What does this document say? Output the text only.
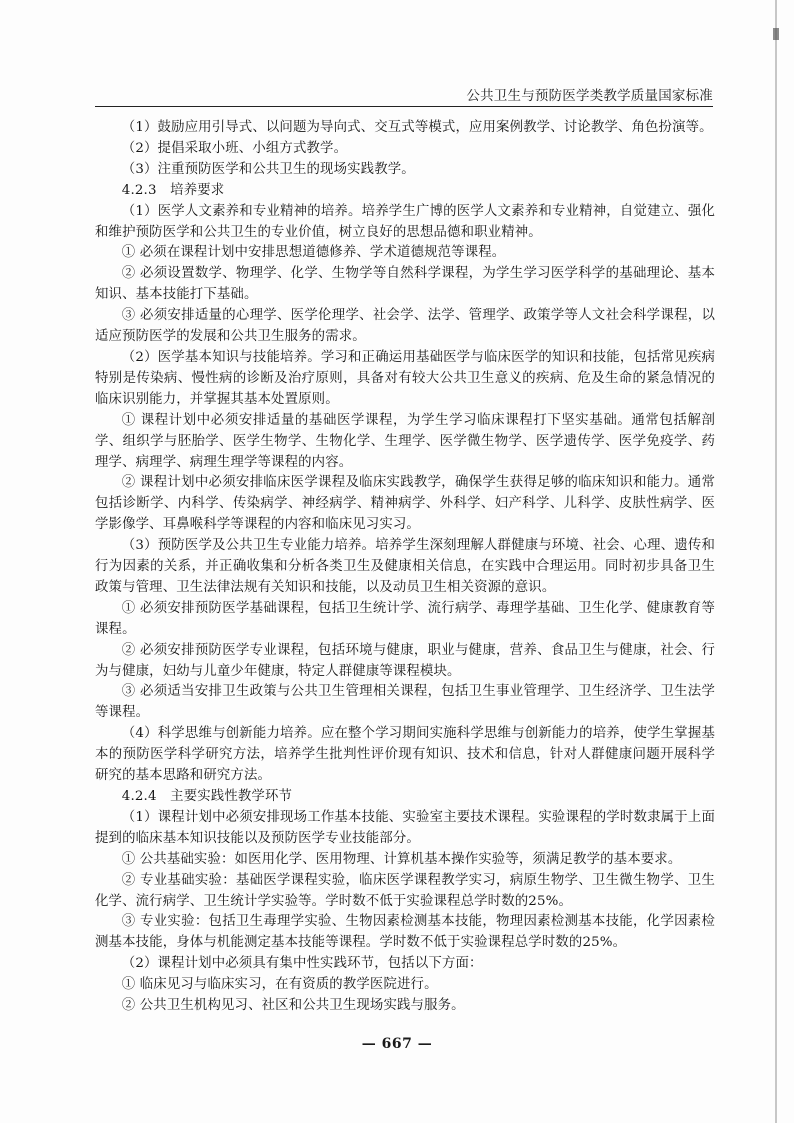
公共卫生与预防医学类教学质量国家标准

（1）鼓励应用引导式、以问题为导向式、交互式等模式，应用案例教学、讨论教学、角色扮演等。

（2）提倡采取小班、小组方式教学。

（3）注重预防医学和公共卫生的现场实践教学。

4.2.3　培养要求

（1）医学人文素养和专业精神的培养。培养学生广博的医学人文素养和专业精神，自觉建立、强化和维护预防医学和公共卫生的专业价值，树立良好的思想品德和职业精神。

① 必须在课程计划中安排思想道德修养、学术道德规范等课程。

② 必须设置数学、物理学、化学、生物学等自然科学课程，为学生学习医学科学的基础理论、基本知识、基本技能打下基础。

③ 必须安排适量的心理学、医学伦理学、社会学、法学、管理学、政策学等人文社会科学课程，以适应预防医学的发展和公共卫生服务的需求。

（2）医学基本知识与技能培养。学习和正确运用基础医学与临床医学的知识和技能，包括常见疾病特别是传染病、慢性病的诊断及治疗原则，具备对有较大公共卫生意义的疾病、危及生命的紧急情况的临床识别能力，并掌握其基本处置原则。

① 课程计划中必须安排适量的基础医学课程，为学生学习临床课程打下坚实基础。通常包括解剖学、组织学与胚胎学、医学生物学、生物化学、生理学、医学微生物学、医学遗传学、医学免疫学、药理学、病理学、病理生理学等课程的内容。

② 课程计划中必须安排临床医学课程及临床实践教学，确保学生获得足够的临床知识和能力。通常包括诊断学、内科学、传染病学、神经病学、精神病学、外科学、妇产科学、儿科学、皮肤性病学、医学影像学、耳鼻喉科学等课程的内容和临床见习实习。

（3）预防医学及公共卫生专业能力培养。培养学生深刻理解人群健康与环境、社会、心理、遗传和行为因素的关系，并正确收集和分析各类卫生及健康相关信息，在实践中合理运用。同时初步具备卫生政策与管理、卫生法律法规有关知识和技能，以及动员卫生相关资源的意识。

① 必须安排预防医学基础课程，包括卫生统计学、流行病学、毒理学基础、卫生化学、健康教育等课程。

② 必须安排预防医学专业课程，包括环境与健康，职业与健康，营养、食品卫生与健康，社会、行为与健康，妇幼与儿童少年健康，特定人群健康等课程模块。

③ 必须适当安排卫生政策与公共卫生管理相关课程，包括卫生事业管理学、卫生经济学、卫生法学等课程。

（4）科学思维与创新能力培养。应在整个学习期间实施科学思维与创新能力的培养，使学生掌握基本的预防医学科学研究方法，培养学生批判性评价现有知识、技术和信息，针对人群健康问题开展科学研究的基本思路和研究方法。

4.2.4　主要实践性教学环节

（1）课程计划中必须安排现场工作基本技能、实验室主要技术课程。实验课程的学时数隶属于上面提到的临床基本知识技能以及预防医学专业技能部分。

① 公共基础实验：如医用化学、医用物理、计算机基本操作实验等，须满足教学的基本要求。

② 专业基础实验：基础医学课程实验，临床医学课程教学实习，病原生物学、卫生微生物学、卫生化学、流行病学、卫生统计学实验等。学时数不低于实验课程总学时数的25%。

③ 专业实验：包括卫生毒理学实验、生物因素检测基本技能，物理因素检测基本技能，化学因素检测基本技能，身体与机能测定基本技能等课程。学时数不低于实验课程总学时数的25%。

（2）课程计划中必须具有集中性实践环节，包括以下方面：

① 临床见习与临床实习，在有资质的教学医院进行。

② 公共卫生机构见习、社区和公共卫生现场实践与服务。

— 667 —
